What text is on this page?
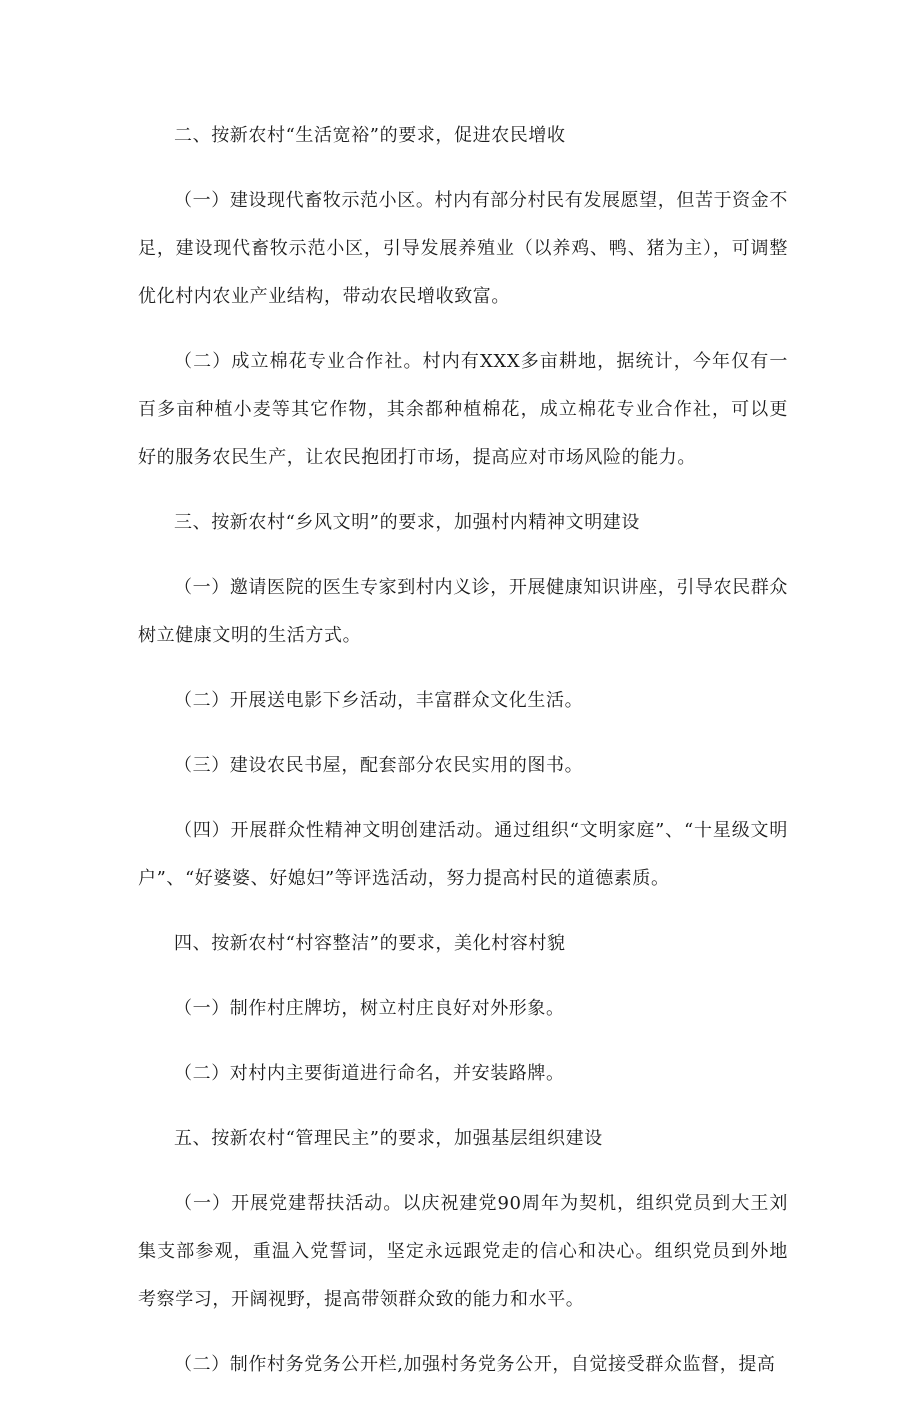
二、按新农村“生活宽裕”的要求，促进农民增收

（一）建设现代畜牧示范小区。村内有部分村民有发展愿望，但苦于资金不足，建设现代畜牧示范小区，引导发展养殖业（以养鸡、鸭、猪为主），可调整优化村内农业产业结构，带动农民增收致富。

（二）成立棉花专业合作社。村内有XXX多亩耕地，据统计，今年仅有一百多亩种植小麦等其它作物，其余都种植棉花，成立棉花专业合作社，可以更好的服务农民生产，让农民抱团打市场，提高应对市场风险的能力。

三、按新农村“乡风文明”的要求，加强村内精神文明建设

（一）邀请医院的医生专家到村内义诊，开展健康知识讲座，引导农民群众树立健康文明的生活方式。

（二）开展送电影下乡活动，丰富群众文化生活。

（三）建设农民书屋，配套部分农民实用的图书。

（四）开展群众性精神文明创建活动。通过组织“文明家庭”、“十星级文明户”、“好婆婆、好媳妇”等评选活动，努力提高村民的道德素质。

四、按新农村“村容整洁”的要求，美化村容村貌

（一）制作村庄牌坊，树立村庄良好对外形象。

（二）对村内主要街道进行命名，并安装路牌。

五、按新农村“管理民主”的要求，加强基层组织建设

（一）开展党建帮扶活动。以庆祝建党90周年为契机，组织党员到大王刘集支部参观，重温入党誓词，坚定永远跟党走的信心和决心。组织党员到外地考察学习，开阔视野，提高带领群众致的能力和水平。

（二）制作村务党务公开栏,加强村务党务公开，自觉接受群众监督，提高
